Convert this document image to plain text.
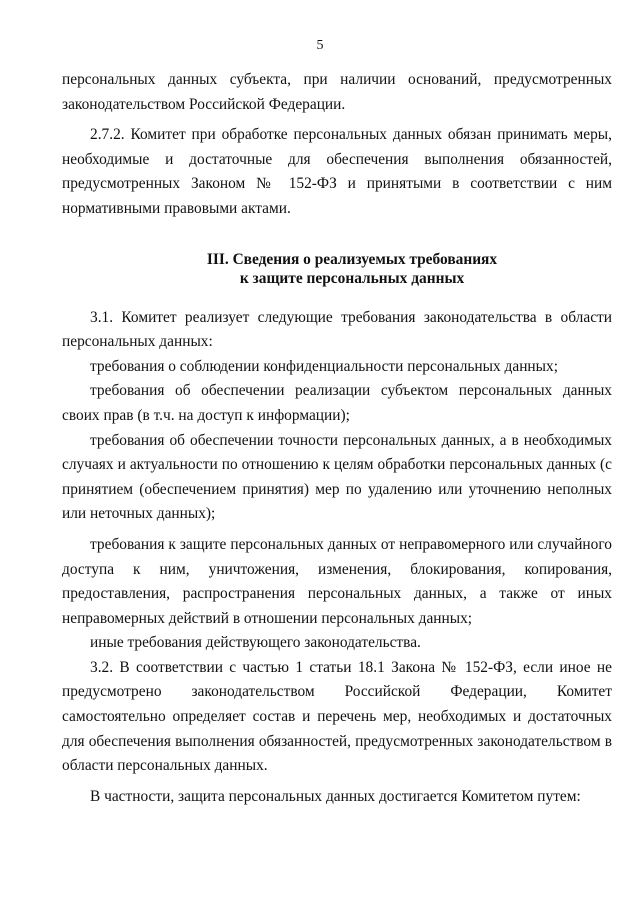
5

персональных данных субъекта, при наличии оснований, предусмотренных законодательством Российской Федерации.

2.7.2. Комитет при обработке персональных данных обязан принимать меры, необходимые и достаточные для обеспечения выполнения обязанностей, предусмотренных Законом № 152-ФЗ и принятыми в соответствии с ним нормативными правовыми актами.

III. Сведения о реализуемых требованиях
к защите персональных данных

3.1. Комитет реализует следующие требования законодательства в области персональных данных:

требования о соблюдении конфиденциальности персональных данных;

требования об обеспечении реализации субъектом персональных данных своих прав (в т.ч. на доступ к информации);

требования об обеспечении точности персональных данных, а в необходимых случаях и актуальности по отношению к целям обработки персональных данных (с принятием (обеспечением принятия) мер по удалению или уточнению неполных или неточных данных);

требования к защите персональных данных от неправомерного или случайного доступа к ним, уничтожения, изменения, блокирования, копирования, предоставления, распространения персональных данных, а также от иных неправомерных действий в отношении персональных данных;

иные требования действующего законодательства.

3.2. В соответствии с частью 1 статьи 18.1 Закона № 152-ФЗ, если иное не предусмотрено законодательством Российской Федерации, Комитет самостоятельно определяет состав и перечень мер, необходимых и достаточных для обеспечения выполнения обязанностей, предусмотренных законодательством в области персональных данных.

В частности, защита персональных данных достигается Комитетом путем:
